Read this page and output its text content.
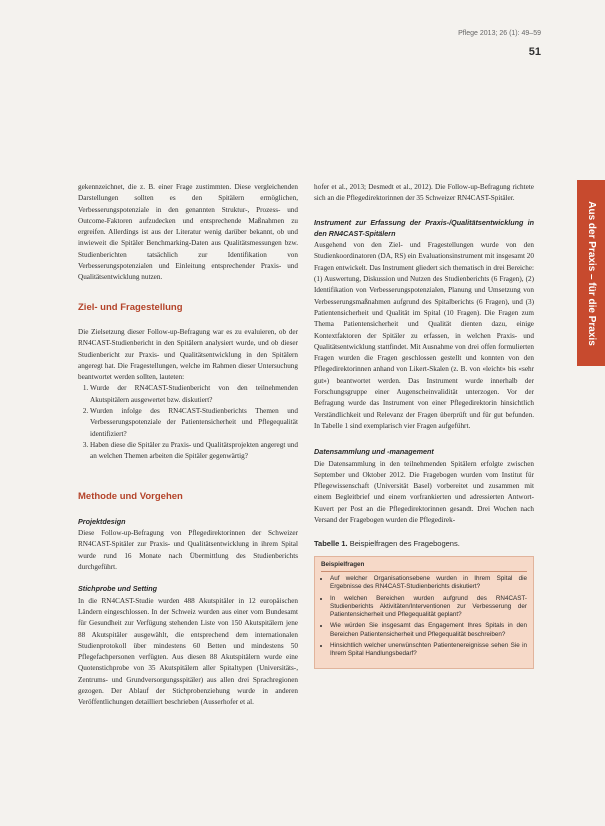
Pflege 2013; 26 (1): 49–59
51
Aus der Praxis – für die Praxis

gekennzeichnet, die z. B. einer Frage zustimmten. Diese vergleichenden Darstellungen sollten es den Spitälern ermöglichen, Verbesserungspotenziale in den genannten Struktur-, Prozess- und Outcome-Faktoren aufzudecken und entsprechende Maßnahmen zu ergreifen. Allerdings ist aus der Literatur wenig darüber bekannt, ob und inwieweit die Spitäler Benchmarking-Daten aus Qualitätsmessungen bzw. Studienberichten tatsächlich zur Identifikation von Verbesserungspotenzialen und Einleitung entsprechender Praxis- und Qualitätsentwicklung nutzen.

Ziel- und Fragestellung

Die Zielsetzung dieser Follow-up-Befragung war es zu evaluieren, ob der RN4CAST-Studienbericht in den Spitälern analysiert wurde, und ob dieser Studienbericht zur Praxis- und Qualitätsentwicklung in den Spitälern angeregt hat. Die Fragestellungen, welche im Rahmen dieser Untersuchung beantwortet werden sollten, lauteten:

1. Wurde der RN4CAST-Studienbericht von den teilnehmenden Akutspitälern ausgewertet bzw. diskutiert?
2. Wurden infolge des RN4CAST-Studienberichts Themen und Verbesserungspotenziale der Patientensicherheit und Pflegequalität identifiziert?
3. Haben diese die Spitäler zu Praxis- und Qualitätsprojekten angeregt und an welchen Themen arbeiten die Spitäler gegenwärtig?
Methode und Vorgehen
Projektdesign

Diese Follow-up-Befragung von Pflegedirektorinnen der Schweizer RN4CAST-Spitäler zur Praxis- und Qualitätsentwicklung in ihrem Spital wurde rund 16 Monate nach Übermittlung des Studienberichts durchgeführt.

Stichprobe und Setting

In die RN4CAST-Studie wurden 488 Akutspitäler in 12 europäischen Ländern eingeschlossen. In der Schweiz wurden aus einer vom Bundesamt für Gesundheit zur Verfügung stehenden Liste von 150 Akutspitälern jene 88 Akutspitäler ausgewählt, die entsprechend dem internationalen Studienprotokoll über mindestens 60 Betten und mindestens 50 Pflegefachpersonen verfügten. Aus diesen 88 Akutspitälern wurde eine Quotenstichprobe von 35 Akutspitälern aller Spitaltypen (Universitäts-, Zentrums- und Grundversorgungsspitäler) aus allen drei Sprachregionen gezogen. Der Ablauf der Stichprobenziehung wurde in anderen Veröffentlichungen detailliert beschrieben (Ausserhofer et al.

hofer et al., 2013; Desmedt et al., 2012). Die Follow-up-Befragung richtete sich an die Pflegedirektorinnen der 35 Schweizer RN4CAST-Spitäler.

Instrument zur Erfassung der Praxis-/Qualitätsentwicklung in den RN4CAST-Spitälern

Ausgehend von den Ziel- und Fragestellungen wurde von den Studienkoordinatoren (DA, RS) ein Evaluationsinstrument mit insgesamt 20 Fragen entwickelt. Das Instrument gliedert sich thematisch in drei Bereiche: (1) Auswertung, Diskussion und Nutzen des Studienberichts (6 Fragen), (2) Identifikation von Verbesserungspotenzialen, Planung und Umsetzung von Verbesserungsmaßnahmen aufgrund des Spitalberichts (6 Fragen), und (3) Patientensicherheit und Qualität im Spital (10 Fragen). Die Fragen zum Thema Patientensicherheit und Qualität dienten dazu, einige Kontextfaktoren der Spitäler zu erfassen, in welchen Praxis- und Qualitätsentwicklung stattfindet. Mit Ausnahme von drei offen formulierten Fragen wurden die Fragen geschlossen gestellt und konnten von den Pflegedirektorinnen anhand von Likert-Skalen (z. B. von «leicht» bis «sehr gut») beantwortet werden. Das Instrument wurde innerhalb der Forschungsgruppe einer Augenscheinvalidität unterzogen. Vor der Befragung wurde das Instrument von einer Pflegedirektorin hinsichtlich Verständlichkeit und Relevanz der Fragen überprüft und für gut befunden. In Tabelle 1 sind exemplarisch vier Fragen aufgeführt.

Datensammlung und -management

Die Datensammlung in den teilnehmenden Spitälern erfolgte zwischen September und Oktober 2012. Die Fragebogen wurden vom Institut für Pflegewissenschaft (Universität Basel) vorbereitet und zusammen mit einem Begleitbrief und einem vorfrankierten und adressierten Antwort-Kuvert per Post an die Pflegedirektorinnen gesandt. Drei Wochen nach Versand der Fragebogen wurden die Pflegedirek-

Tabelle 1. Beispielfragen des Fragebogens.
Beispielfragen
• Auf welcher Organisationsebene wurden in Ihrem Spital die Ergebnisse des RN4CAST-Studienberichts diskutiert?
• In welchen Bereichen wurden aufgrund des RN4CAST-Studienberichts Aktivitäten/Interventionen zur Verbesserung der Patientensicherheit und Pflegequalität geplant?
• Wie würden Sie insgesamt das Engagement Ihres Spitals in den Bereichen Patientensicherheit und Pflegequalität beschreiben?
• Hinsichtlich welcher unerwünschten Patientenereignisse sehen Sie in Ihrem Spital Handlungsbedarf?
